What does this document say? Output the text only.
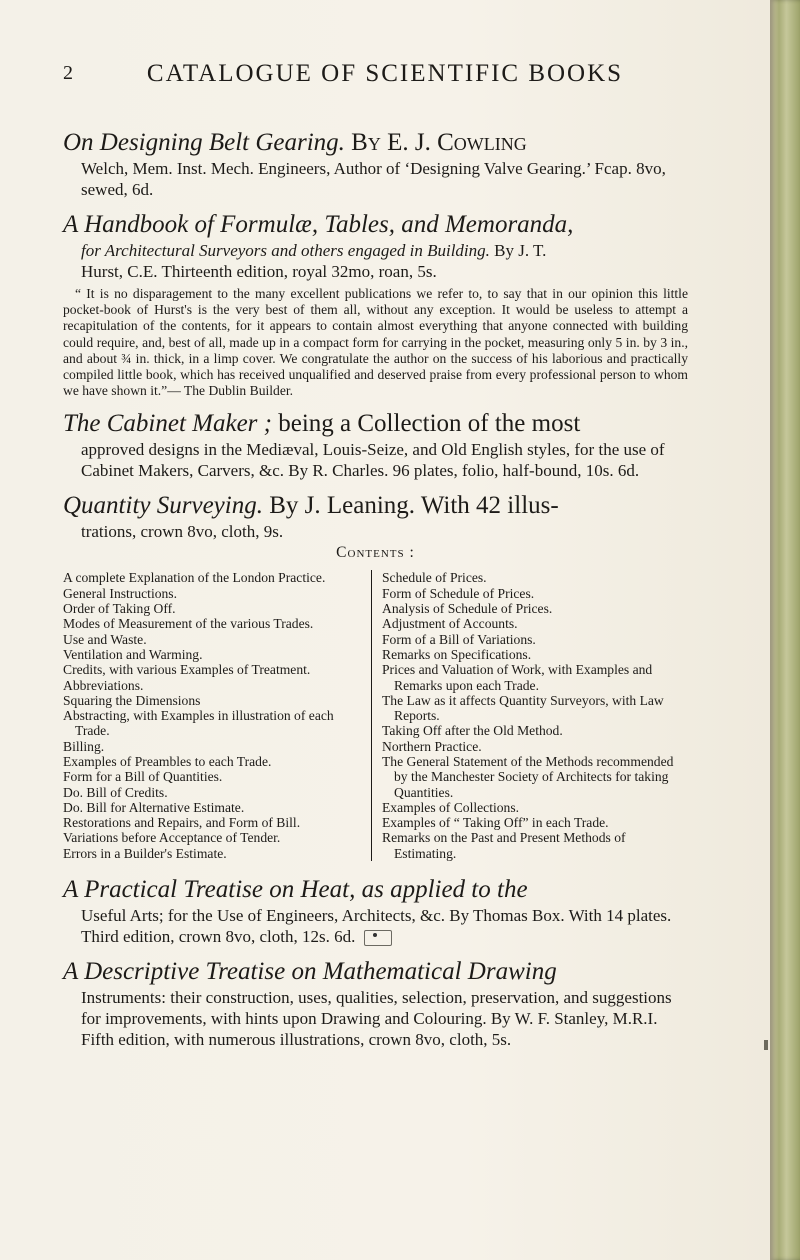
2	CATALOGUE OF SCIENTIFIC BOOKS

On Designing Belt Gearing. By E. J. Cowling

Welch, Mem. Inst. Mech. Engineers, Author of ‘Designing Valve Gearing.’ Fcap. 8vo, sewed, 6d.

A Handbook of Formulæ, Tables, and Memoranda,

for Architectural Surveyors and others engaged in Building. By J. T.

Hurst, C.E. Thirteenth edition, royal 32mo, roan, 5s.

“ It is no disparagement to the many excellent publications we refer to, to say that in our opinion this little pocket-book of Hurst's is the very best of them all, without any exception. It would be useless to attempt a recapitulation of the contents, for it appears to contain almost everything that anyone connected with building could require, and, best of all, made up in a compact form for carrying in the pocket, measuring only 5 in. by 3 in., and about ¾ in. thick, in a limp cover. We congratulate the author on the success of his laborious and practically compiled little book, which has received unqualified and deserved praise from every professional person to whom we have shown it.”— The Dublin Builder.

The Cabinet Maker ; being a Collection of the most

approved designs in the Mediæval, Louis-Seize, and Old English styles, for the use of Cabinet Makers, Carvers, &c. By R. Charles. 96 plates, folio, half-bound, 10s. 6d.

Quantity Surveying. By J. Leaning. With 42 illus-

trations, crown 8vo, cloth, 9s.

Contents :
A complete Explanation of the London Practice.
General Instructions.
Order of Taking Off.
Modes of Measurement of the various Trades.
Use and Waste.
Ventilation and Warming.
Credits, with various Examples of Treatment.
Abbreviations.
Squaring the Dimensions
Abstracting, with Examples in illustration of each Trade.
Billing.
Examples of Preambles to each Trade.
Form for a Bill of Quantities.
Do. Bill of Credits.
Do. Bill for Alternative Estimate.
Restorations and Repairs, and Form of Bill.
Variations before Acceptance of Tender.
Errors in a Builder's Estimate.
Schedule of Prices.
Form of Schedule of Prices.
Analysis of Schedule of Prices.
Adjustment of Accounts.
Form of a Bill of Variations.
Remarks on Specifications.
Prices and Valuation of Work, with Examples and Remarks upon each Trade.
The Law as it affects Quantity Surveyors, with Law Reports.
Taking Off after the Old Method.
Northern Practice.
The General Statement of the Methods recommended by the Manchester Society of Architects for taking Quantities.
Examples of Collections.
Examples of “ Taking Off” in each Trade.
Remarks on the Past and Present Methods of Estimating.

A Practical Treatise on Heat, as applied to the

Useful Arts; for the Use of Engineers, Architects, &c. By Thomas Box. With 14 plates. Third edition, crown 8vo, cloth, 12s. 6d.

A Descriptive Treatise on Mathematical Drawing

Instruments: their construction, uses, qualities, selection, preservation, and suggestions for improvements, with hints upon Drawing and Colouring. By W. F. Stanley, M.R.I. Fifth edition, with numerous illustrations, crown 8vo, cloth, 5s.
